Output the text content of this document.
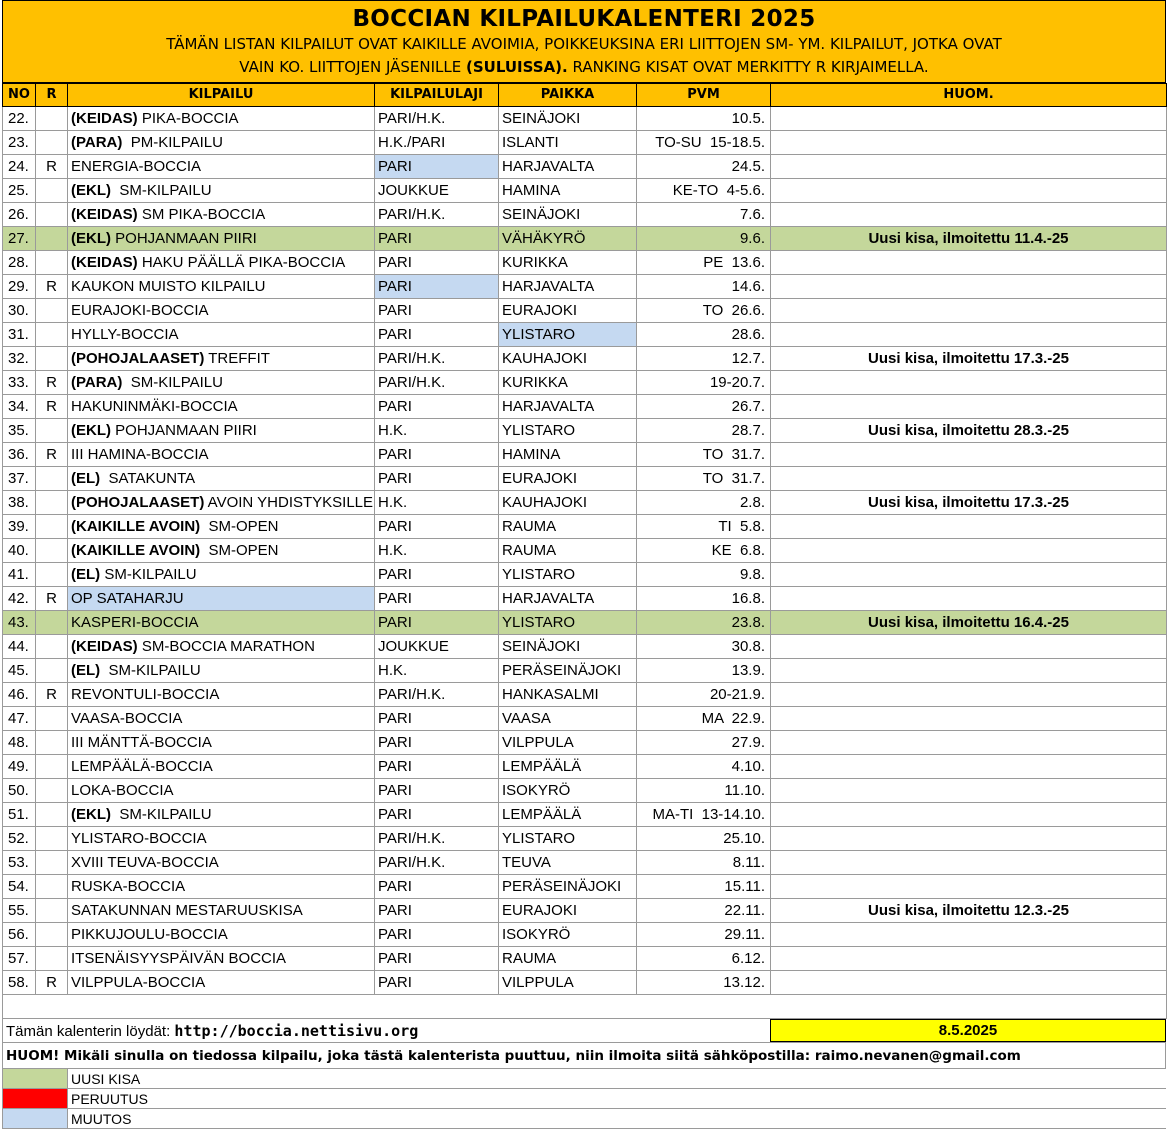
BOCCIAN KILPAILUKALENTERI 2025
TÄMÄN LISTAN KILPAILUT OVAT KAIKILLE AVOIMIA, POIKKEUKSINA ERI LIITTOJEN SM- YM. KILPAILUT, JOTKA OVAT
VAIN KO. LIITTOJEN JÄSENILLE (SULUISSA). RANKING KISAT OVAT MERKITTY R KIRJAIMELLA.
NO	R	KILPAILU	KILPAILULAJI	PAIKKA	PVM	HUOM.
22.		(KEIDAS) PIKA-BOCCIA	PARI/H.K.	SEINÄJOKI	10.5.	
23.		(PARA)  PM-KILPAILU	H.K./PARI	ISLANTI	TO-SU  15-18.5.	
24.	R	ENERGIA-BOCCIA	PARI	HARJAVALTA	24.5.	
25.		(EKL)  SM-KILPAILU	JOUKKUE	HAMINA	KE-TO  4-5.6.	
26.		(KEIDAS) SM PIKA-BOCCIA	PARI/H.K.	SEINÄJOKI	7.6.	
27.		(EKL) POHJANMAAN PIIRI	PARI	VÄHÄKYRÖ	9.6.	Uusi kisa, ilmoitettu 11.4.-25
28.		(KEIDAS) HAKU PÄÄLLÄ PIKA-BOCCIA	PARI	KURIKKA	PE  13.6.	
29.	R	KAUKON MUISTO KILPAILU	PARI	HARJAVALTA	14.6.	
30.		EURAJOKI-BOCCIA	PARI	EURAJOKI	TO  26.6.	
31.		HYLLY-BOCCIA	PARI	YLISTARO	28.6.	
32.		(POHOJALAASET) TREFFIT	PARI/H.K.	KAUHAJOKI	12.7.	Uusi kisa, ilmoitettu 17.3.-25
33.	R	(PARA)  SM-KILPAILU	PARI/H.K.	KURIKKA	19-20.7.	
34.	R	HAKUNINMÄKI-BOCCIA	PARI	HARJAVALTA	26.7.	
35.		(EKL) POHJANMAAN PIIRI	H.K.	YLISTARO	28.7.	Uusi kisa, ilmoitettu 28.3.-25
36.	R	III HAMINA-BOCCIA	PARI	HAMINA	TO  31.7.	
37.		(EL)  SATAKUNTA	PARI	EURAJOKI	TO  31.7.	
38.		(POHOJALAASET) AVOIN YHDISTYKSILLE	H.K.	KAUHAJOKI	2.8.	Uusi kisa, ilmoitettu 17.3.-25
39.		(KAIKILLE AVOIN)  SM-OPEN	PARI	RAUMA	TI  5.8.	
40.		(KAIKILLE AVOIN)  SM-OPEN	H.K.	RAUMA	KE  6.8.	
41.		(EL) SM-KILPAILU	PARI	YLISTARO	9.8.	
42.	R	OP SATAHARJU	PARI	HARJAVALTA	16.8.	
43.		KASPERI-BOCCIA	PARI	YLISTARO	23.8.	Uusi kisa, ilmoitettu 16.4.-25
44.		(KEIDAS) SM-BOCCIA MARATHON	JOUKKUE	SEINÄJOKI	30.8.	
45.		(EL)  SM-KILPAILU	H.K.	PERÄSEINÄJOKI	13.9.	
46.	R	REVONTULI-BOCCIA	PARI/H.K.	HANKASALMI	20-21.9.	
47.		VAASA-BOCCIA	PARI	VAASA	MA  22.9.	
48.		III MÄNTTÄ-BOCCIA	PARI	VILPPULA	27.9.	
49.		LEMPÄÄLÄ-BOCCIA	PARI	LEMPÄÄLÄ	4.10.	
50.		LOKA-BOCCIA	PARI	ISOKYRÖ	11.10.	
51.		(EKL)  SM-KILPAILU	PARI	LEMPÄÄLÄ	MA-TI  13-14.10.	
52.		YLISTARO-BOCCIA	PARI/H.K.	YLISTARO	25.10.	
53.		XVIII TEUVA-BOCCIA	PARI/H.K.	TEUVA	8.11.	
54.		RUSKA-BOCCIA	PARI	PERÄSEINÄJOKI	15.11.	
55.		SATAKUNNAN MESTARUUSKISA	PARI	EURAJOKI	22.11.	Uusi kisa, ilmoitettu 12.3.-25
56.		PIKKUJOULU-BOCCIA	PARI	ISOKYRÖ	29.11.	
57.		ITSENÄISYYSPÄIVÄN BOCCIA	PARI	RAUMA	6.12.	
58.	R	VILPPULA-BOCCIA	PARI	VILPPULA	13.12.	

Tämän kalenterin löydät: http://boccia.nettisivu.org	8.5.2025
HUOM! Mikäli sinulla on tiedossa kilpailu, joka tästä kalenterista puuttuu, niin ilmoita siitä sähköpostilla: raimo.nevanen@gmail.com
UUSI KISA
PERUUTUS
MUUTOS
